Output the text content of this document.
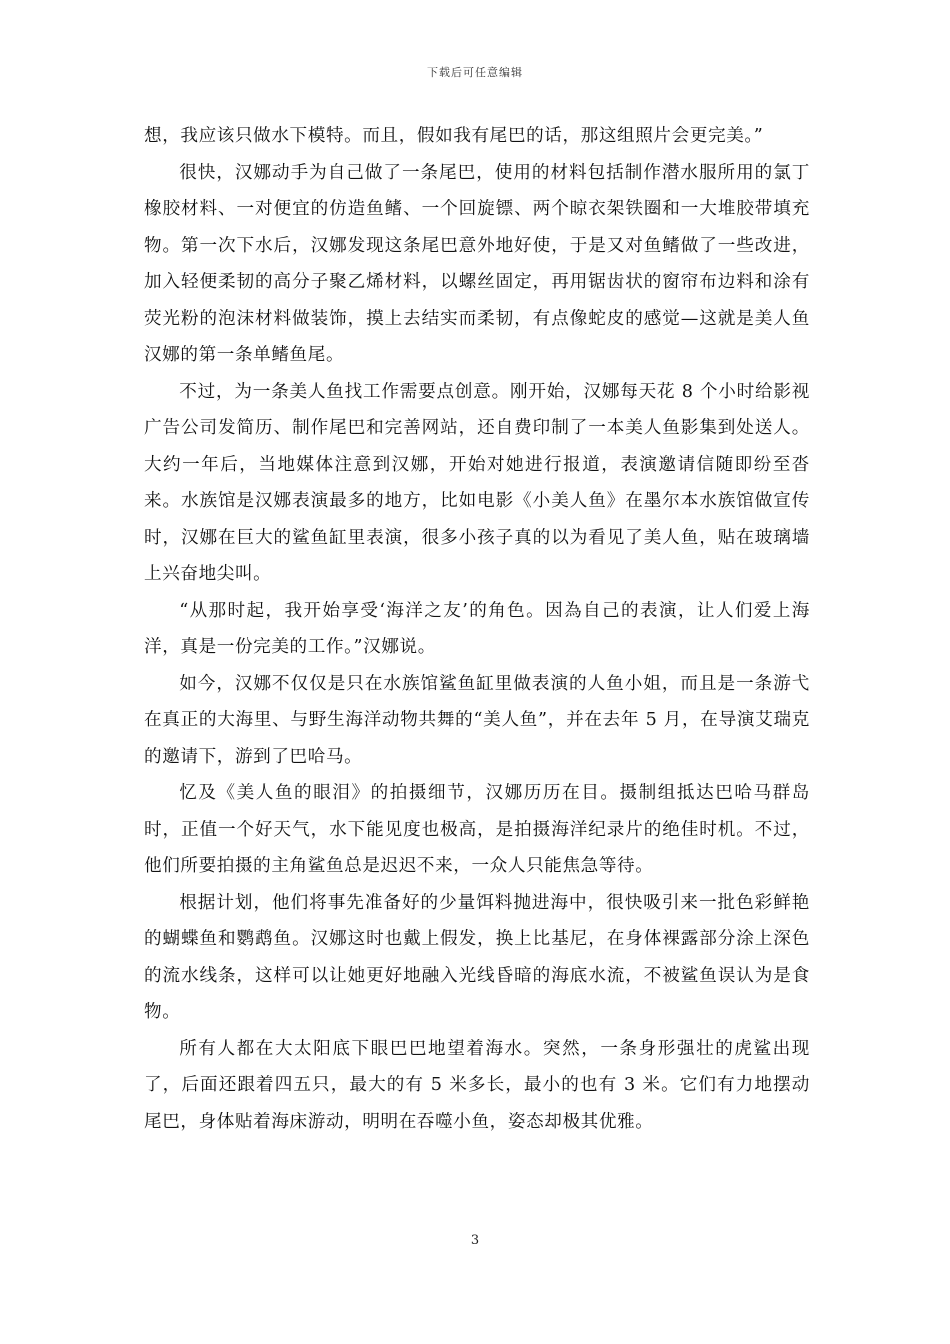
下载后可任意编辑

想，我应该只做水下模特。而且，假如我有尾巴的话，那这组照片会更完美。”

很快，汉娜动手为自己做了一条尾巴，使用的材料包括制作潜水服所用的氯丁橡胶材料、一对便宜的仿造鱼鳍、一个回旋镖、两个晾衣架铁圈和一大堆胶带填充物。第一次下水后，汉娜发现这条尾巴意外地好使，于是又对鱼鳍做了一些改进，加入轻便柔韧的高分子聚乙烯材料，以螺丝固定，再用锯齿状的窗帘布边料和涂有荧光粉的泡沫材料做装饰，摸上去结实而柔韧，有点像蛇皮的感觉—这就是美人鱼汉娜的第一条单鳍鱼尾。

不过，为一条美人鱼找工作需要点创意。刚开始，汉娜每天花 8 个小时给影视广告公司发简历、制作尾巴和完善网站，还自费印制了一本美人鱼影集到处送人。大约一年后，当地媒体注意到汉娜，开始对她进行报道，表演邀请信随即纷至沓来。水族馆是汉娜表演最多的地方，比如电影《小美人鱼》在墨尔本水族馆做宣传时，汉娜在巨大的鲨鱼缸里表演，很多小孩子真的以为看见了美人鱼，贴在玻璃墙上兴奋地尖叫。

“从那时起，我开始享受‘海洋之友’的角色。因為自己的表演，让人们爱上海洋，真是一份完美的工作。”汉娜说。

如今，汉娜不仅仅是只在水族馆鲨鱼缸里做表演的人鱼小姐，而且是一条游弋在真正的大海里、与野生海洋动物共舞的“美人鱼”，并在去年 5 月，在导演艾瑞克的邀请下，游到了巴哈马。

忆及《美人鱼的眼泪》的拍摄细节，汉娜历历在目。摄制组抵达巴哈马群岛时，正值一个好天气，水下能见度也极高，是拍摄海洋纪录片的绝佳时机。不过，他们所要拍摄的主角鲨鱼总是迟迟不来，一众人只能焦急等待。

根据计划，他们将事先准备好的少量饵料抛进海中，很快吸引来一批色彩鲜艳的蝴蝶鱼和鹦鹉鱼。汉娜这时也戴上假发，换上比基尼，在身体裸露部分涂上深色的流水线条，这样可以让她更好地融入光线昏暗的海底水流，不被鲨鱼误认为是食物。

所有人都在大太阳底下眼巴巴地望着海水。突然，一条身形强壮的虎鲨出现了，后面还跟着四五只，最大的有 5 米多长，最小的也有 3 米。它们有力地摆动尾巴，身体贴着海床游动，明明在吞噬小鱼，姿态却极其优雅。

3
